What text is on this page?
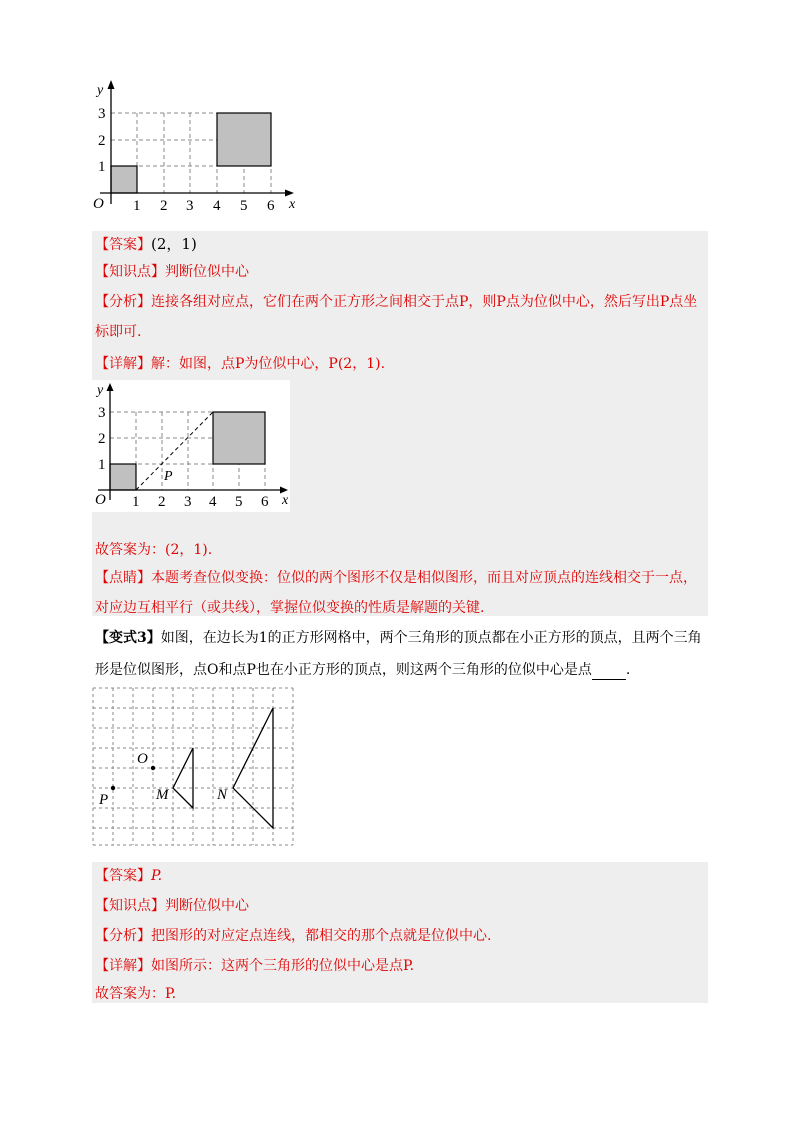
y
x
O 1 2 3 4 5 6
1
2
3
【答案】(2，1)
【知识点】判断位似中心
【分析】连接各组对应点，它们在两个正方形之间相交于点P，则P点为位似中心，然后写出P点坐
标即可.
【详解】解：如图，点P为位似中心，P(2，1).
y
x
O
P
1 2 3 4 5 6
1
2
3
故答案为：(2，1).
【点睛】本题考查位似变换：位似的两个图形不仅是相似图形，而且对应顶点的连线相交于一点，
对应边互相平行（或共线），掌握位似变换的性质是解题的关键.
【变式3】如图，在边长为1的正方形网格中，两个三角形的顶点都在小正方形的顶点，且两个三角
形是位似图形，点O和点P也在小正方形的顶点，则这两个三角形的位似中心是点 .
O
P	M	N
【答案】P.
【知识点】判断位似中心
【分析】把图形的对应定点连线，都相交的那个点就是位似中心.
【详解】如图所示：这两个三角形的位似中心是点P.
故答案为：P.
